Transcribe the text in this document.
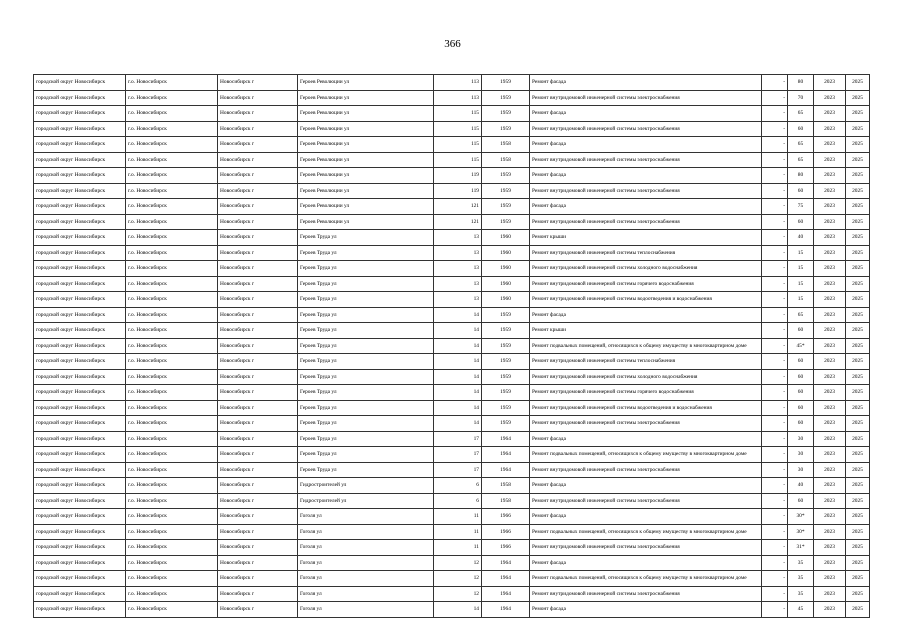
366
городской округ Новосибирск	г.о. Новосибирск	Новосибирск г	Героев Революции ул	113	1959	Ремонт фасада	-	80	2023	2025
городской округ Новосибирск	г.о. Новосибирск	Новосибирск г	Героев Революции ул	113	1959	Ремонт внутридомовой инженерной системы электроснабжения	-	70	2023	2025
городской округ Новосибирск	г.о. Новосибирск	Новосибирск г	Героев Революции ул	115	1959	Ремонт фасада	-	65	2023	2025
городской округ Новосибирск	г.о. Новосибирск	Новосибирск г	Героев Революции ул	115	1959	Ремонт внутридомовой инженерной системы электроснабжения	-	60	2023	2025
городской округ Новосибирск	г.о. Новосибирск	Новосибирск г	Героев Революции ул	115	1958	Ремонт фасада	-	65	2023	2025
городской округ Новосибирск	г.о. Новосибирск	Новосибирск г	Героев Революции ул	115	1958	Ремонт внутридомовой инженерной системы электроснабжения	-	65	2023	2025
городской округ Новосибирск	г.о. Новосибирск	Новосибирск г	Героев Революции ул	119	1959	Ремонт фасада	-	80	2023	2025
городской округ Новосибирск	г.о. Новосибирск	Новосибирск г	Героев Революции ул	119	1959	Ремонт внутридомовой инженерной системы электроснабжения	-	60	2023	2025
городской округ Новосибирск	г.о. Новосибирск	Новосибирск г	Героев Революции ул	121	1959	Ремонт фасада	-	75	2023	2025
городской округ Новосибирск	г.о. Новосибирск	Новосибирск г	Героев Революции ул	121	1959	Ремонт внутридомовой инженерной системы электроснабжения	-	60	2023	2025
городской округ Новосибирск	г.о. Новосибирск	Новосибирск г	Героев Труда ул	13	1960	Ремонт крыши	-	40	2023	2025
городской округ Новосибирск	г.о. Новосибирск	Новосибирск г	Героев Труда ул	13	1960	Ремонт внутридомовой инженерной системы теплоснабжения	-	15	2023	2025
городской округ Новосибирск	г.о. Новосибирск	Новосибирск г	Героев Труда ул	13	1960	Ремонт внутридомовой инженерной системы холодного водоснабжения	-	15	2023	2025
городской округ Новосибирск	г.о. Новосибирск	Новосибирск г	Героев Труда ул	13	1960	Ремонт внутридомовой инженерной системы горячего водоснабжения	-	15	2023	2025
городской округ Новосибирск	г.о. Новосибирск	Новосибирск г	Героев Труда ул	13	1960	Ремонт внутридомовой инженерной системы водоотведения и водоснабжения	-	15	2023	2025
городской округ Новосибирск	г.о. Новосибирск	Новосибирск г	Героев Труда ул	14	1959	Ремонт фасада	-	65	2023	2025
городской округ Новосибирск	г.о. Новосибирск	Новосибирск г	Героев Труда ул	14	1959	Ремонт крыши	-	60	2023	2025
городской округ Новосибирск	г.о. Новосибирск	Новосибирск г	Героев Труда ул	14	1959	Ремонт подвальных помещений, относящихся к общему имуществу в многоквартирном доме	-	45*	2023	2025
городской округ Новосибирск	г.о. Новосибирск	Новосибирск г	Героев Труда ул	14	1959	Ремонт внутридомовой инженерной системы теплоснабжения	-	60	2023	2025
городской округ Новосибирск	г.о. Новосибирск	Новосибирск г	Героев Труда ул	14	1959	Ремонт внутридомовой инженерной системы холодного водоснабжения	-	60	2023	2025
городской округ Новосибирск	г.о. Новосибирск	Новосибирск г	Героев Труда ул	14	1959	Ремонт внутридомовой инженерной системы горячего водоснабжения	-	60	2023	2025
городской округ Новосибирск	г.о. Новосибирск	Новосибирск г	Героев Труда ул	14	1959	Ремонт внутридомовой инженерной системы водоотведения и водоснабжения	-	60	2023	2025
городской округ Новосибирск	г.о. Новосибирск	Новосибирск г	Героев Труда ул	14	1959	Ремонт внутридомовой инженерной системы электроснабжения	-	60	2023	2025
городской округ Новосибирск	г.о. Новосибирск	Новосибирск г	Героев Труда ул	17	1964	Ремонт фасада	-	30	2023	2025
городской округ Новосибирск	г.о. Новосибирск	Новосибирск г	Героев Труда ул	17	1964	Ремонт подвальных помещений, относящихся к общему имуществу в многоквартирном доме	-	30	2023	2025
городской округ Новосибирск	г.о. Новосибирск	Новосибирск г	Героев Труда ул	17	1964	Ремонт внутридомовой инженерной системы электроснабжения	-	30	2023	2025
городской округ Новосибирск	г.о. Новосибирск	Новосибирск г	Гидростроителей ул	6	1958	Ремонт фасада	-	40	2023	2025
городской округ Новосибирск	г.о. Новосибирск	Новосибирск г	Гидростроителей ул	6	1958	Ремонт внутридомовой инженерной системы электроснабжения	-	60	2023	2025
городской округ Новосибирск	г.о. Новосибирск	Новосибирск г	Гоголя ул	11	1966	Ремонт фасада	-	30*	2023	2025
городской округ Новосибирск	г.о. Новосибирск	Новосибирск г	Гоголя ул	11	1966	Ремонт подвальных помещений, относящихся к общему имуществу в многоквартирном доме	-	30*	2023	2025
городской округ Новосибирск	г.о. Новосибирск	Новосибирск г	Гоголя ул	11	1966	Ремонт внутридомовой инженерной системы электроснабжения	-	31*	2023	2025
городской округ Новосибирск	г.о. Новосибирск	Новосибирск г	Гоголя ул	12	1964	Ремонт фасада	-	35	2023	2025
городской округ Новосибирск	г.о. Новосибирск	Новосибирск г	Гоголя ул	12	1964	Ремонт подвальных помещений, относящихся к общему имуществу в многоквартирном доме	-	35	2023	2025
городской округ Новосибирск	г.о. Новосибирск	Новосибирск г	Гоголя ул	12	1964	Ремонт внутридомовой инженерной системы электроснабжения	-	35	2023	2025
городской округ Новосибирск	г.о. Новосибирск	Новосибирск г	Гоголя ул	14	1964	Ремонт фасада	-	45	2023	2025
